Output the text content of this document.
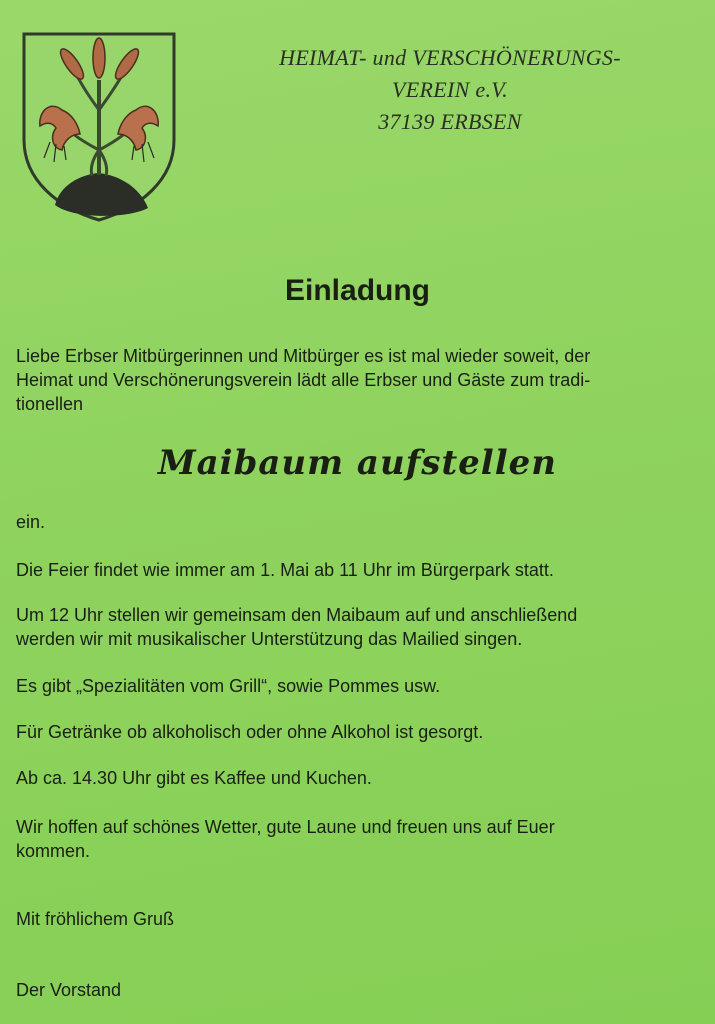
HEIMAT- und VERSCHÖNERUNGS-
VEREIN e.V.
37139 ERBSEN
Einladung
Liebe Erbser Mitbürgerinnen und Mitbürger es ist mal wieder soweit, der
Heimat und Verschönerungsverein lädt alle Erbser und Gäste zum tradi-
tionellen
Maibaum aufstellen
ein.
Die Feier findet wie immer am 1. Mai ab 11 Uhr im Bürgerpark statt.
Um 12 Uhr stellen wir gemeinsam den Maibaum auf und anschließend
werden wir mit musikalischer Unterstützung das Mailied singen.
Es gibt „Spezialitäten vom Grill“, sowie Pommes usw.
Für Getränke ob alkoholisch oder ohne Alkohol ist gesorgt.
Ab ca. 14.30 Uhr gibt es Kaffee und Kuchen.
Wir hoffen auf schönes Wetter, gute Laune und freuen uns auf Euer
kommen.
Mit fröhlichem Gruß
Der Vorstand
